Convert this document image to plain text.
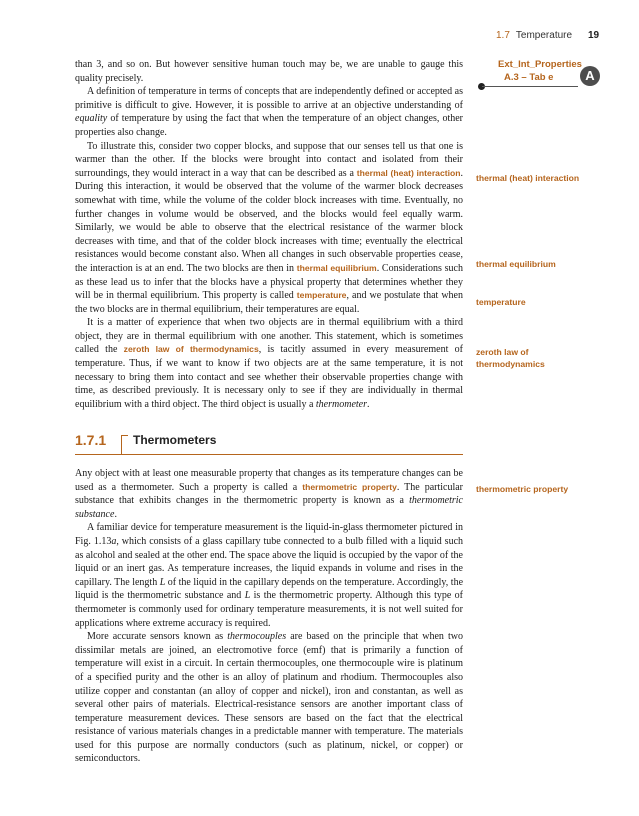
1.7 Temperature 19
Ext_Int_Properties
A.3 – Tab e	A

than 3, and so on. But however sensitive human touch may be, we are unable to gauge this quality precisely.

A definition of temperature in terms of concepts that are independently defined or accepted as primitive is difficult to give. However, it is possible to arrive at an objective understanding of equality of temperature by using the fact that when the temperature of an object changes, other properties also change.

To illustrate this, consider two copper blocks, and suppose that our senses tell us that one is warmer than the other. If the blocks were brought into contact and isolated from their surroundings, they would interact in a way that can be described as a thermal (heat) interaction. During this interaction, it would be observed that the volume of the warmer block decreases somewhat with time, while the volume of the colder block increases with time. Eventually, no further changes in volume would be observed, and the blocks would feel equally warm. Similarly, we would be able to observe that the electrical resistance of the warmer block decreases with time, and that of the colder block increases with time; eventually the electrical resistances would become constant also. When all changes in such observable properties cease, the interaction is at an end. The two blocks are then in thermal equilibrium. Considerations such as these lead us to infer that the blocks have a physical property that determines whether they will be in thermal equilibrium. This property is called temperature, and we postulate that when the two blocks are in thermal equilibrium, their temperatures are equal.

It is a matter of experience that when two objects are in thermal equilibrium with a third object, they are in thermal equilibrium with one another. This statement, which is sometimes called the zeroth law of thermodynamics, is tacitly assumed in every measurement of temperature. Thus, if we want to know if two objects are at the same temperature, it is not necessary to bring them into contact and see whether their observable properties change with time, as described previously. It is necessary only to see if they are individually in thermal equilibrium with a third object. The third object is usually a thermometer.

1.7.1 Thermometers

Any object with at least one measurable property that changes as its temperature changes can be used as a thermometer. Such a property is called a thermometric property. The particular substance that exhibits changes in the thermometric property is known as a thermometric substance.

A familiar device for temperature measurement is the liquid-in-glass thermometer pictured in Fig. 1.13a, which consists of a glass capillary tube connected to a bulb filled with a liquid such as alcohol and sealed at the other end. The space above the liquid is occupied by the vapor of the liquid or an inert gas. As temperature increases, the liquid expands in volume and rises in the capillary. The length L of the liquid in the capillary depends on the temperature. Accordingly, the liquid is the thermometric substance and L is the thermometric property. Although this type of thermometer is commonly used for ordinary temperature measurements, it is not well suited for applications where extreme accuracy is required.

More accurate sensors known as thermocouples are based on the principle that when two dissimilar metals are joined, an electromotive force (emf) that is primarily a function of temperature will exist in a circuit. In certain thermocouples, one thermocouple wire is platinum of a specified purity and the other is an alloy of platinum and rhodium. Thermocouples also utilize copper and constantan (an alloy of copper and nickel), iron and constantan, as well as several other pairs of materials. Electrical-resistance sensors are another important class of temperature measurement devices. These sensors are based on the fact that the electrical resistance of various materials changes in a predictable manner with temperature. The materials used for this purpose are normally conductors (such as platinum, nickel, or copper) or semiconductors.

thermal (heat) interaction
thermal equilibrium
temperature
zeroth law of thermodynamics
thermometric property
